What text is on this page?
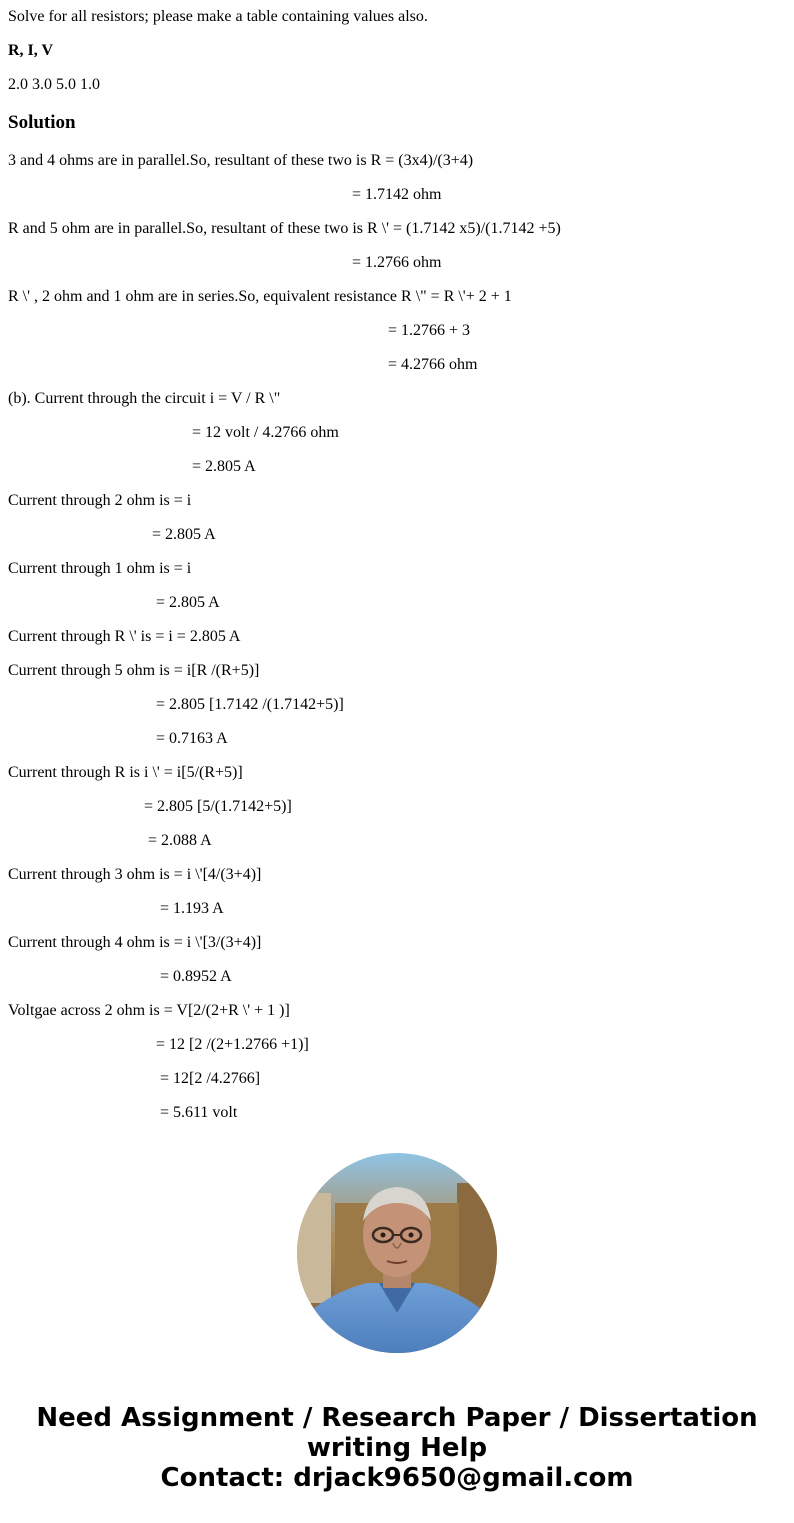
Solve for all resistors; please make a table containing values also.
R, I, V
2.0 3.0 5.0 1.0
Solution
3 and 4 ohms are in parallel.So, resultant of these two is R = (3x4)/(3+4)
= 1.7142 ohm
R and 5 ohm are in parallel.So, resultant of these two is R \' = (1.7142 x5)/(1.7142 +5)
= 1.2766 ohm
R \' , 2 ohm and 1 ohm are in series.So, equivalent resistance R \" = R \'+ 2 + 1
= 1.2766 + 3
= 4.2766 ohm
(b). Current through the circuit i = V / R \"
= 12 volt / 4.2766 ohm
= 2.805 A
Current through 2 ohm is = i
= 2.805 A
Current through 1 ohm is = i
= 2.805 A
Current through R \' is = i = 2.805 A
Current through 5 ohm is = i[R /(R+5)]
= 2.805 [1.7142 /(1.7142+5)]
= 0.7163 A
Current through R is i \' = i[5/(R+5)]
= 2.805 [5/(1.7142+5)]
= 2.088 A
Current through 3 ohm is = i \'[4/(3+4)]
= 1.193 A
Current through 4 ohm is = i \'[3/(3+4)]
= 0.8952 A
Voltgae across 2 ohm is = V[2/(2+R \' + 1 )]
= 12 [2 /(2+1.2766 +1)]
= 12[2 /4.2766]
= 5.611 volt
Need Assignment / Research Paper / Dissertation
writing Help
Contact: drjack9650@gmail.com
